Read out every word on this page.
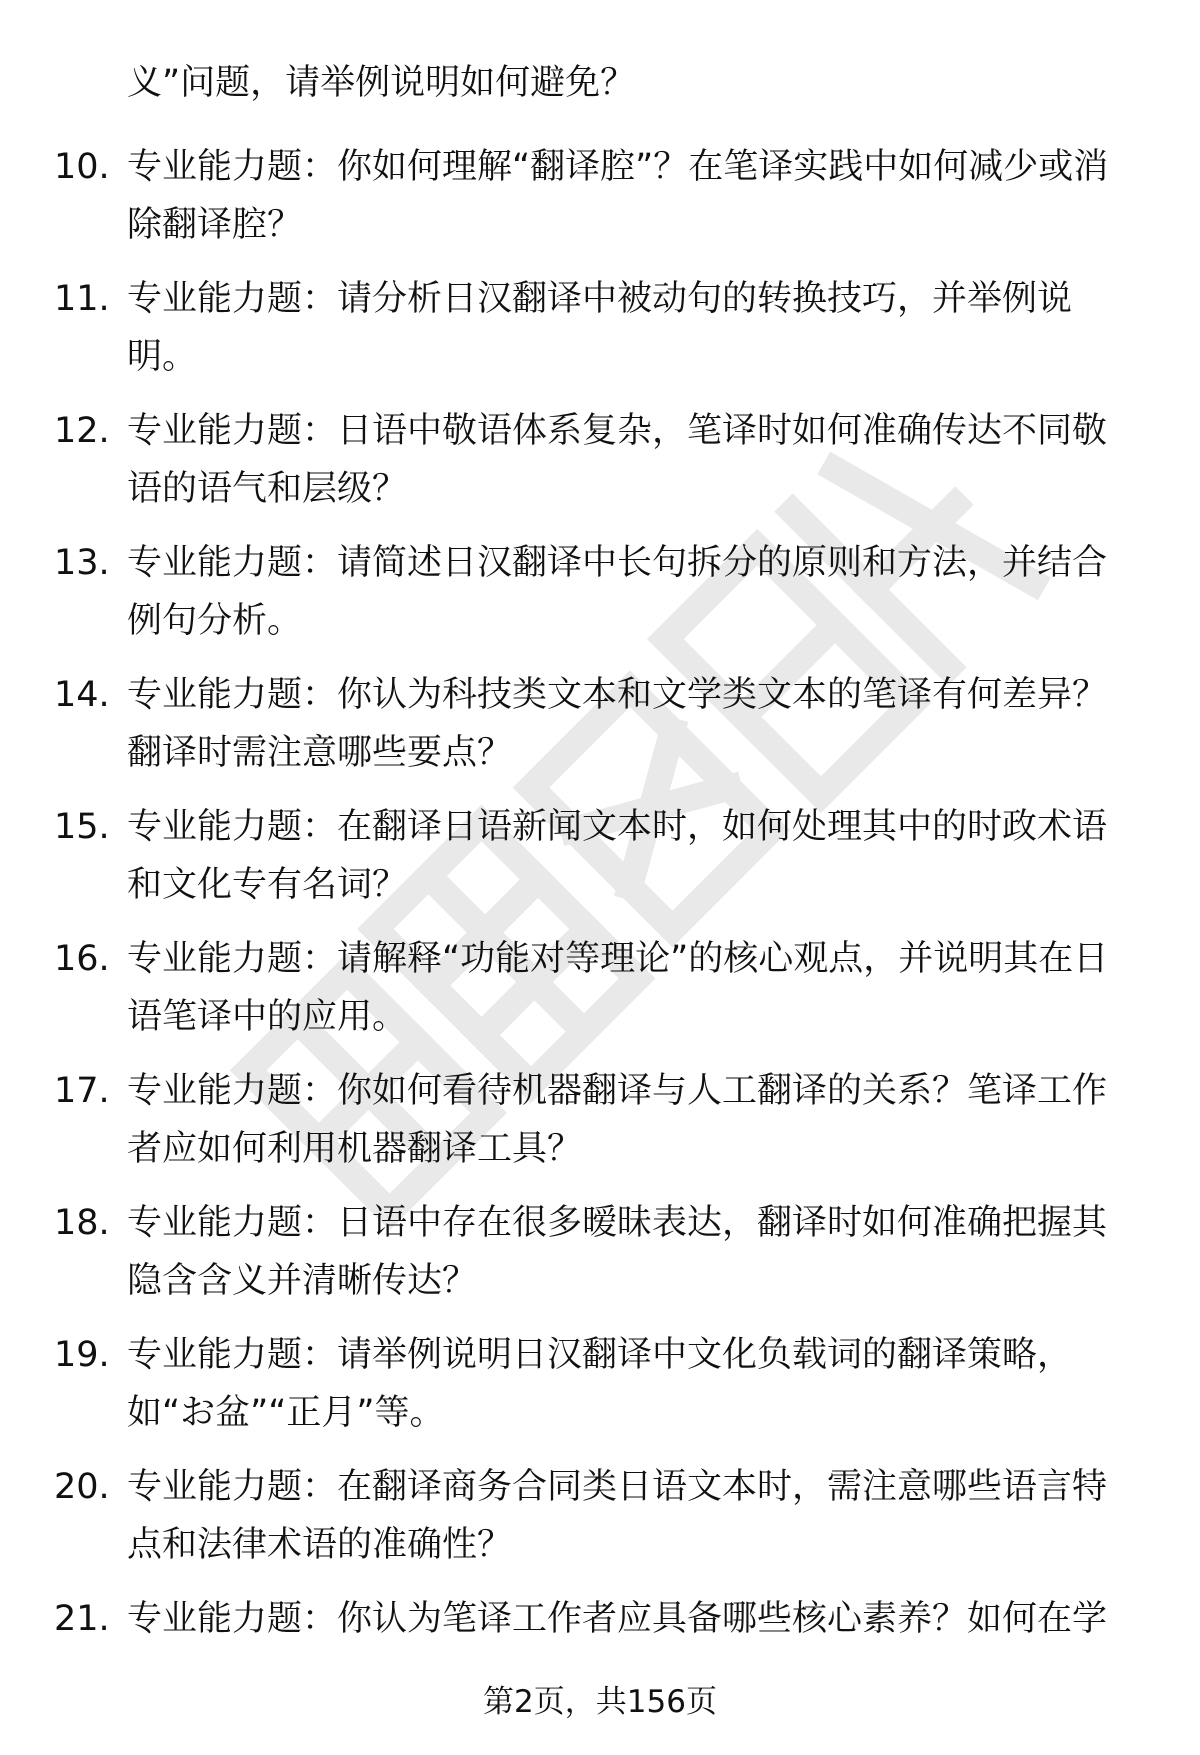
义”问题，请举例说明如何避免？

10. 专业能力题：你如何理解“翻译腔”？在笔译实践中如何减少或消除翻译腔？
11. 专业能力题：请分析日汉翻译中被动句的转换技巧，并举例说明。
12. 专业能力题：日语中敬语体系复杂，笔译时如何准确传达不同敬语的语气和层级？
13. 专业能力题：请简述日汉翻译中长句拆分的原则和方法，并结合例句分析。
14. 专业能力题：你认为科技类文本和文学类文本的笔译有何差异？翻译时需注意哪些要点？
15. 专业能力题：在翻译日语新闻文本时，如何处理其中的时政术语和文化专有名词？
16. 专业能力题：请解释“功能对等理论”的核心观点，并说明其在日语笔译中的应用。
17. 专业能力题：你如何看待机器翻译与人工翻译的关系？笔译工作者应如何利用机器翻译工具？
18. 专业能力题：日语中存在很多暧昧表达，翻译时如何准确把握其隐含含义并清晰传达？
19. 专业能力题：请举例说明日汉翻译中文化负载词的翻译策略，如“お盆”“正月”等。
20. 专业能力题：在翻译商务合同类日语文本时，需注意哪些语言特点和法律术语的准确性？
21. 专业能力题：你认为笔译工作者应具备哪些核心素养？如何在学
第2页，共156页
